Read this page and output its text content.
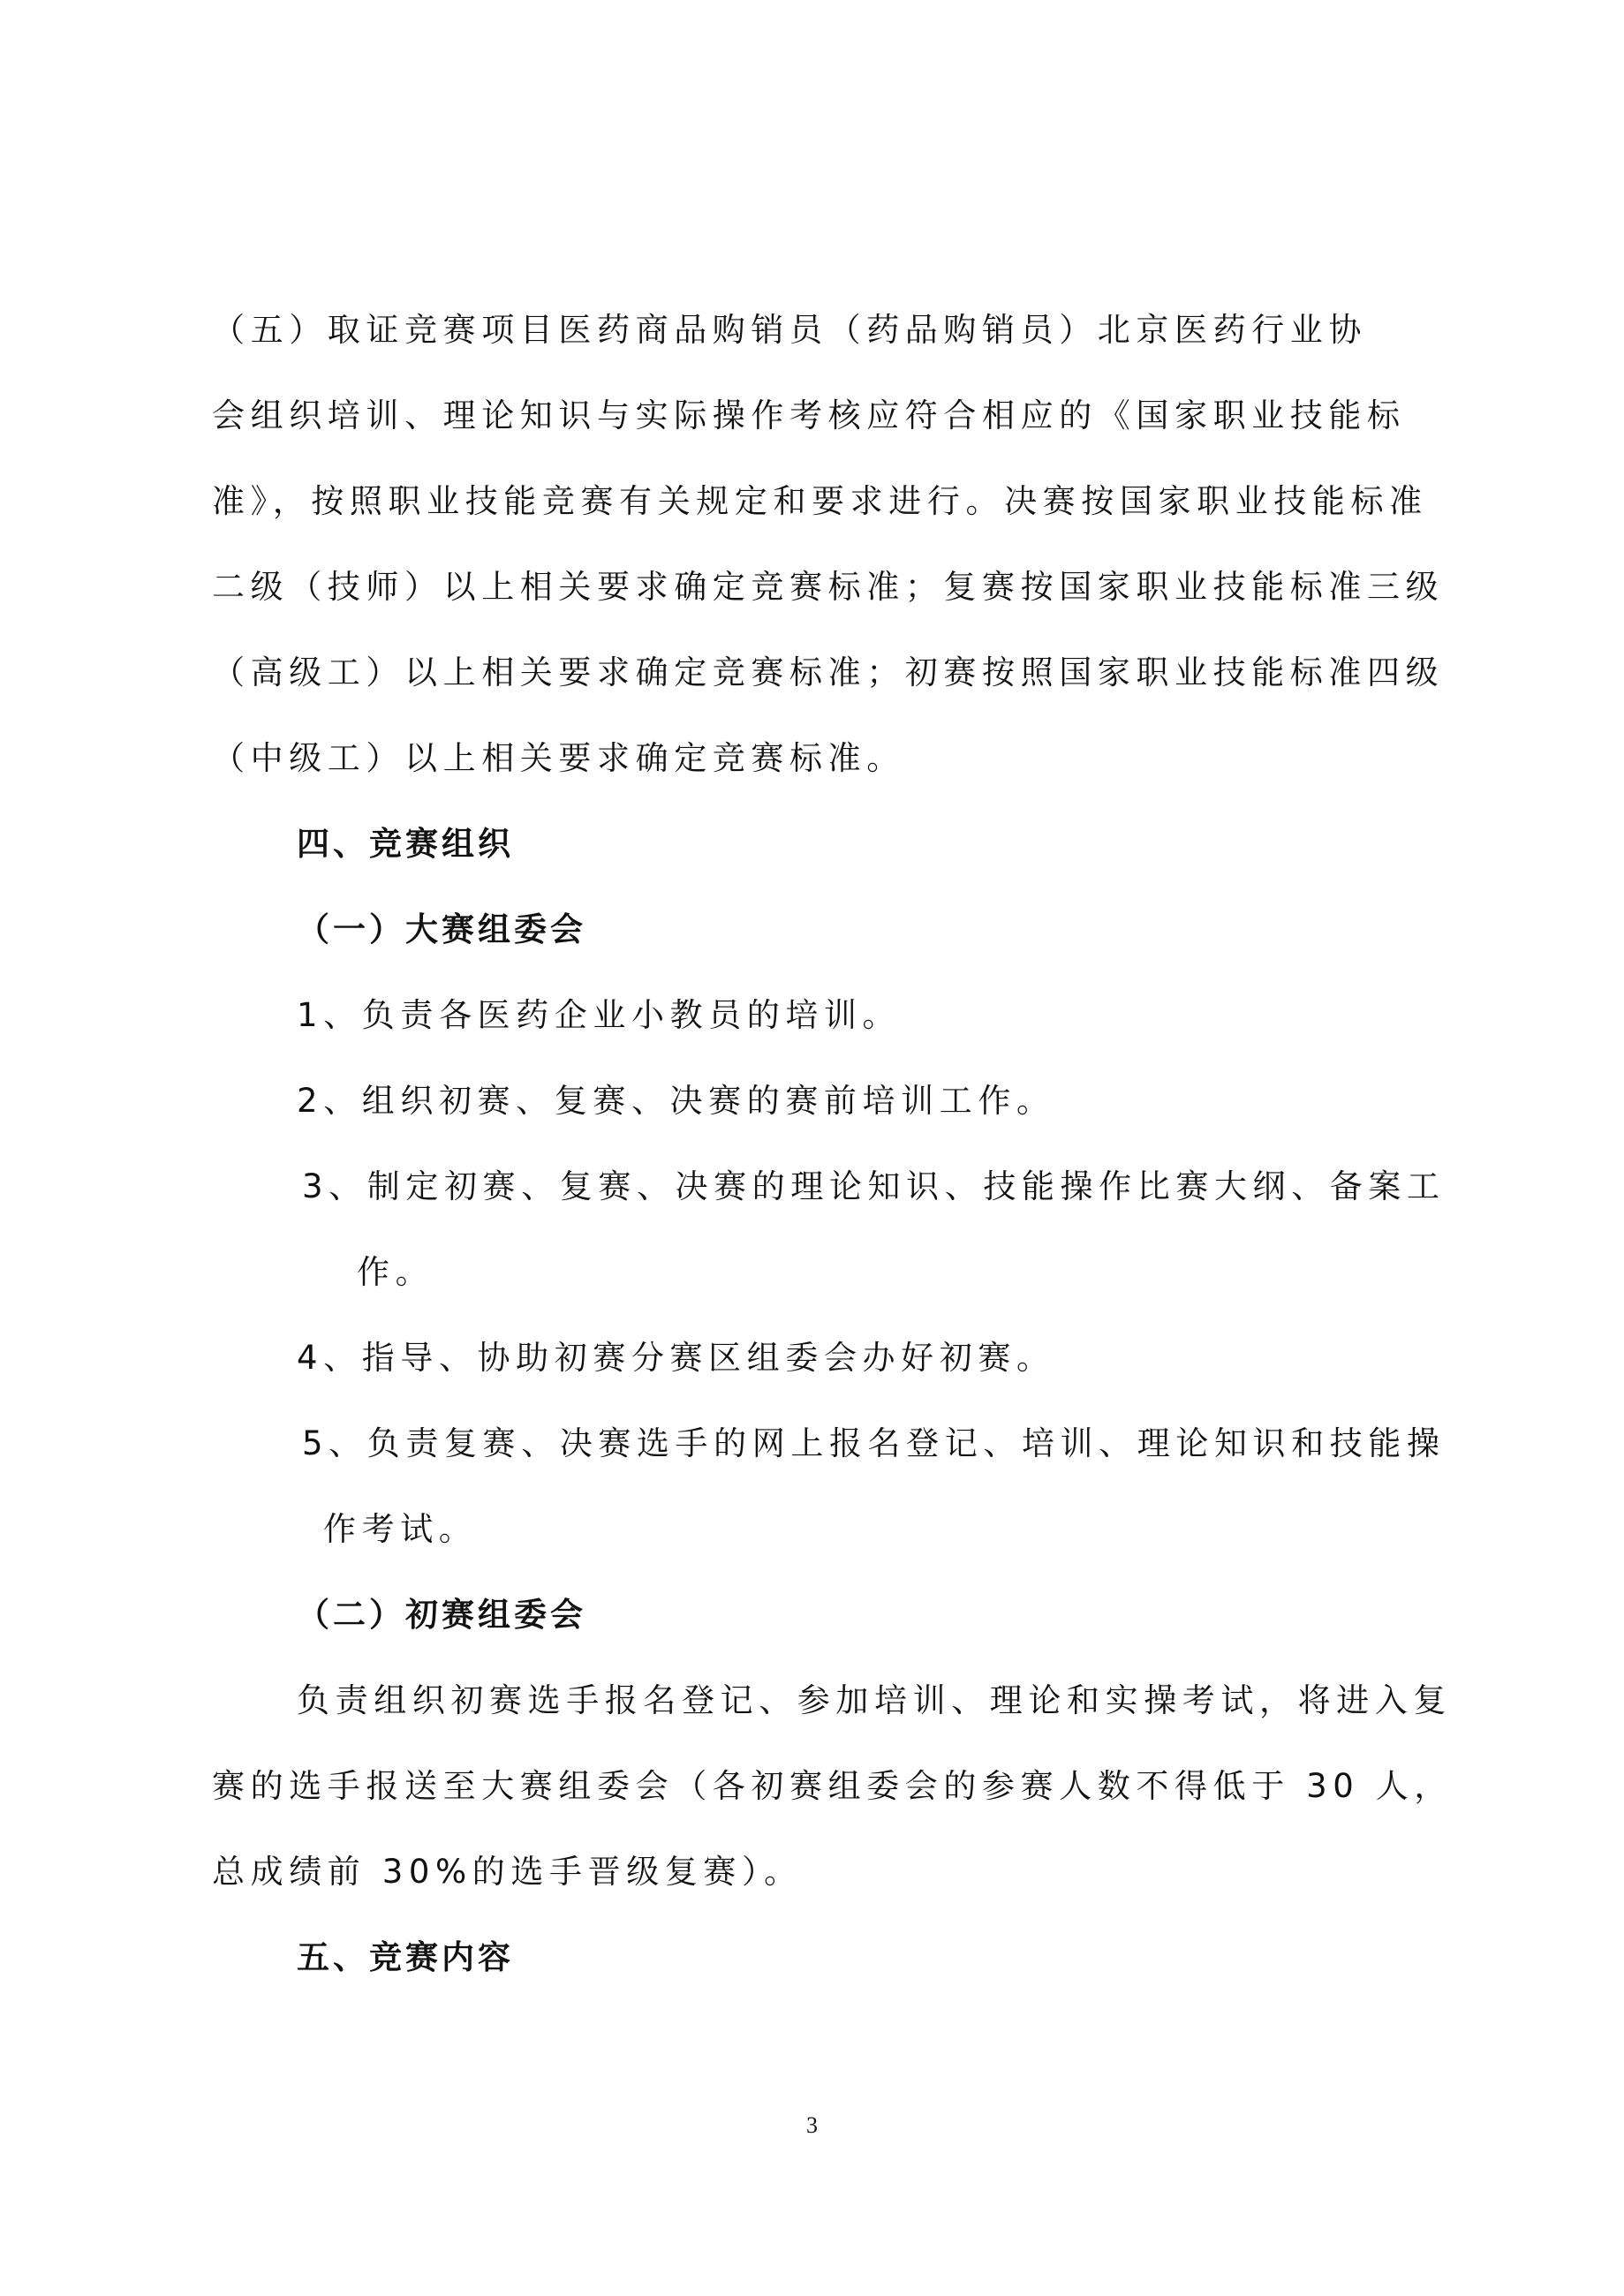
（五）取证竞赛项目医药商品购销员（药品购销员）北京医药行业协
会组织培训、理论知识与实际操作考核应符合相应的《国家职业技能标
准》，按照职业技能竞赛有关规定和要求进行。决赛按国家职业技能标准
二级（技师）以上相关要求确定竞赛标准；复赛按国家职业技能标准三级
（高级工）以上相关要求确定竞赛标准；初赛按照国家职业技能标准四级
（中级工）以上相关要求确定竞赛标准。
四、竞赛组织
（一）大赛组委会
1、负责各医药企业小教员的培训。
2、组织初赛、复赛、决赛的赛前培训工作。
3、制定初赛、复赛、决赛的理论知识、技能操作比赛大纲、备案工
作。
4、指导、协助初赛分赛区组委会办好初赛。
5、负责复赛、决赛选手的网上报名登记、培训、理论知识和技能操
作考试。
（二）初赛组委会
负责组织初赛选手报名登记、参加培训、理论和实操考试，将进入复
赛的选手报送至大赛组委会（各初赛组委会的参赛人数不得低于 30 人，
总成绩前 30%的选手晋级复赛）。
五、竞赛内容
3
